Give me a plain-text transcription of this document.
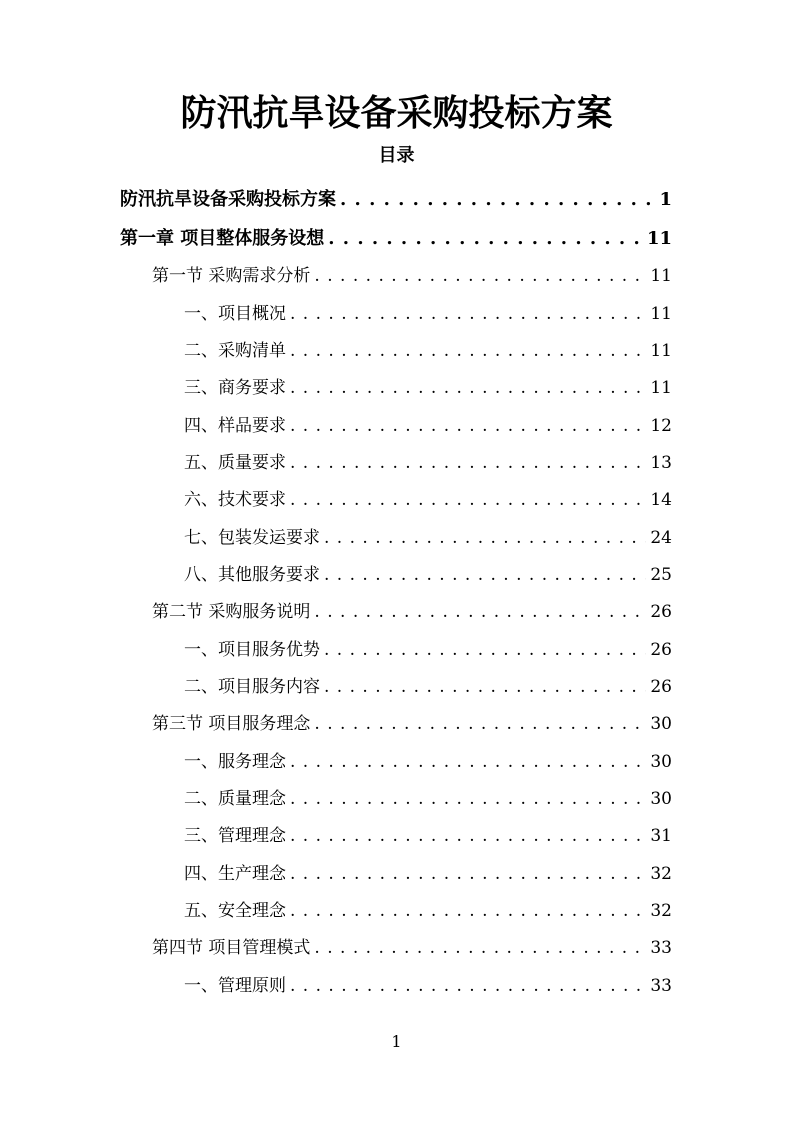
防汛抗旱设备采购投标方案
目录
防汛抗旱设备采购投标方案 . . .	1
第一章 项目整体服务设想 . . .	11
第一节 采购需求分析 . . .	11
一、项目概况 . . .	11
二、采购清单 . . .	11
三、商务要求 . . .	11
四、样品要求 . . .	12
五、质量要求 . . .	13
六、技术要求 . . .	14
七、包装发运要求 . . .	24
八、其他服务要求 . . .	25
第二节 采购服务说明 . . .	26
一、项目服务优势 . . .	26
二、项目服务内容 . . .	26
第三节 项目服务理念 . . .	30
一、服务理念 . . .	30
二、质量理念 . . .	30
三、管理理念 . . .	31
四、生产理念 . . .	32
五、安全理念 . . .	32
第四节 项目管理模式 . . .	33
一、管理原则 . . .	33
1
